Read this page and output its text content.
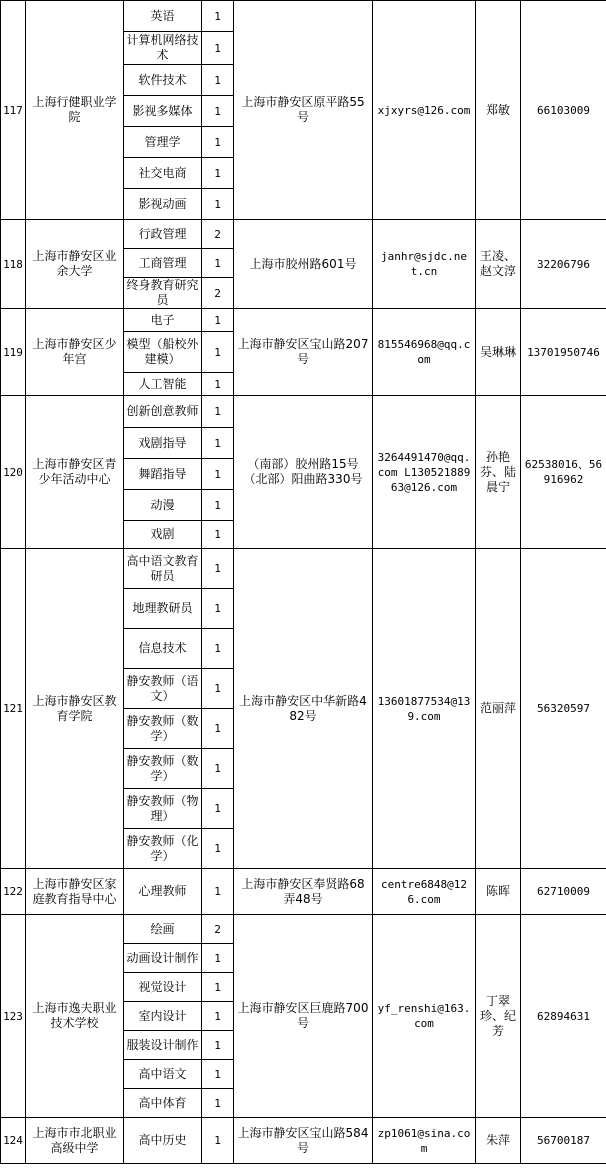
117	上海行健职业学院	英语	1	上海市静安区原平路55号	xjxyrs@126.com	郑敏	66103009
		计算机网络技术	1				
		软件技术	1				
		影视多媒体	1				
		管理学	1				
		社交电商	1				
		影视动画	1				
118	上海市静安区业余大学	行政管理	2	上海市胶州路601号	janhr@sjdc.net.cn	王凌、赵文淳	32206796
		工商管理	1				
		终身教育研究员	2				
119	上海市静安区少年宫	电子	1	上海市静安区宝山路207号	815546968@qq.com	吴琳琳	13701950746
		模型（船校外建模）	1				
		人工智能	1				
120	上海市静安区青少年活动中心	创新创意教师	1	（南部）胶州路15号（北部）阳曲路330号	3264491470@qq.com L13052188963@126.com	孙艳芬、陆晨宁	62538016、56916962
		戏剧指导	1				
		舞蹈指导	1				
		动漫	1				
		戏剧	1				
121	上海市静安区教育学院	高中语文教育研员	1	上海市静安区中华新路482号	13601877534@139.com	范丽萍	56320597
		地理教研员	1				
		信息技术	1				
		静安教师（语文）	1				
		静安教师（数学）	1				
		静安教师（数学）	1				
		静安教师（物理）	1				
		静安教师（化学）	1				
122	上海市静安区家庭教育指导中心	心理教师	1	上海市静安区奉贤路68弄48号	centre6848@126.com	陈晖	62710009
123	上海市逸夫职业技术学校	绘画	2	上海市静安区巨鹿路700号	yf_renshi@163.com	丁翠珍、纪芳	62894631
		动画设计制作	1				
		视觉设计	1				
		室内设计	1				
		服装设计制作	1				
		高中语文	1				
		高中体育	1				
124	上海市市北职业高级中学	高中历史	1	上海市静安区宝山路584号	zp1061@sina.com	朱萍	56700187
